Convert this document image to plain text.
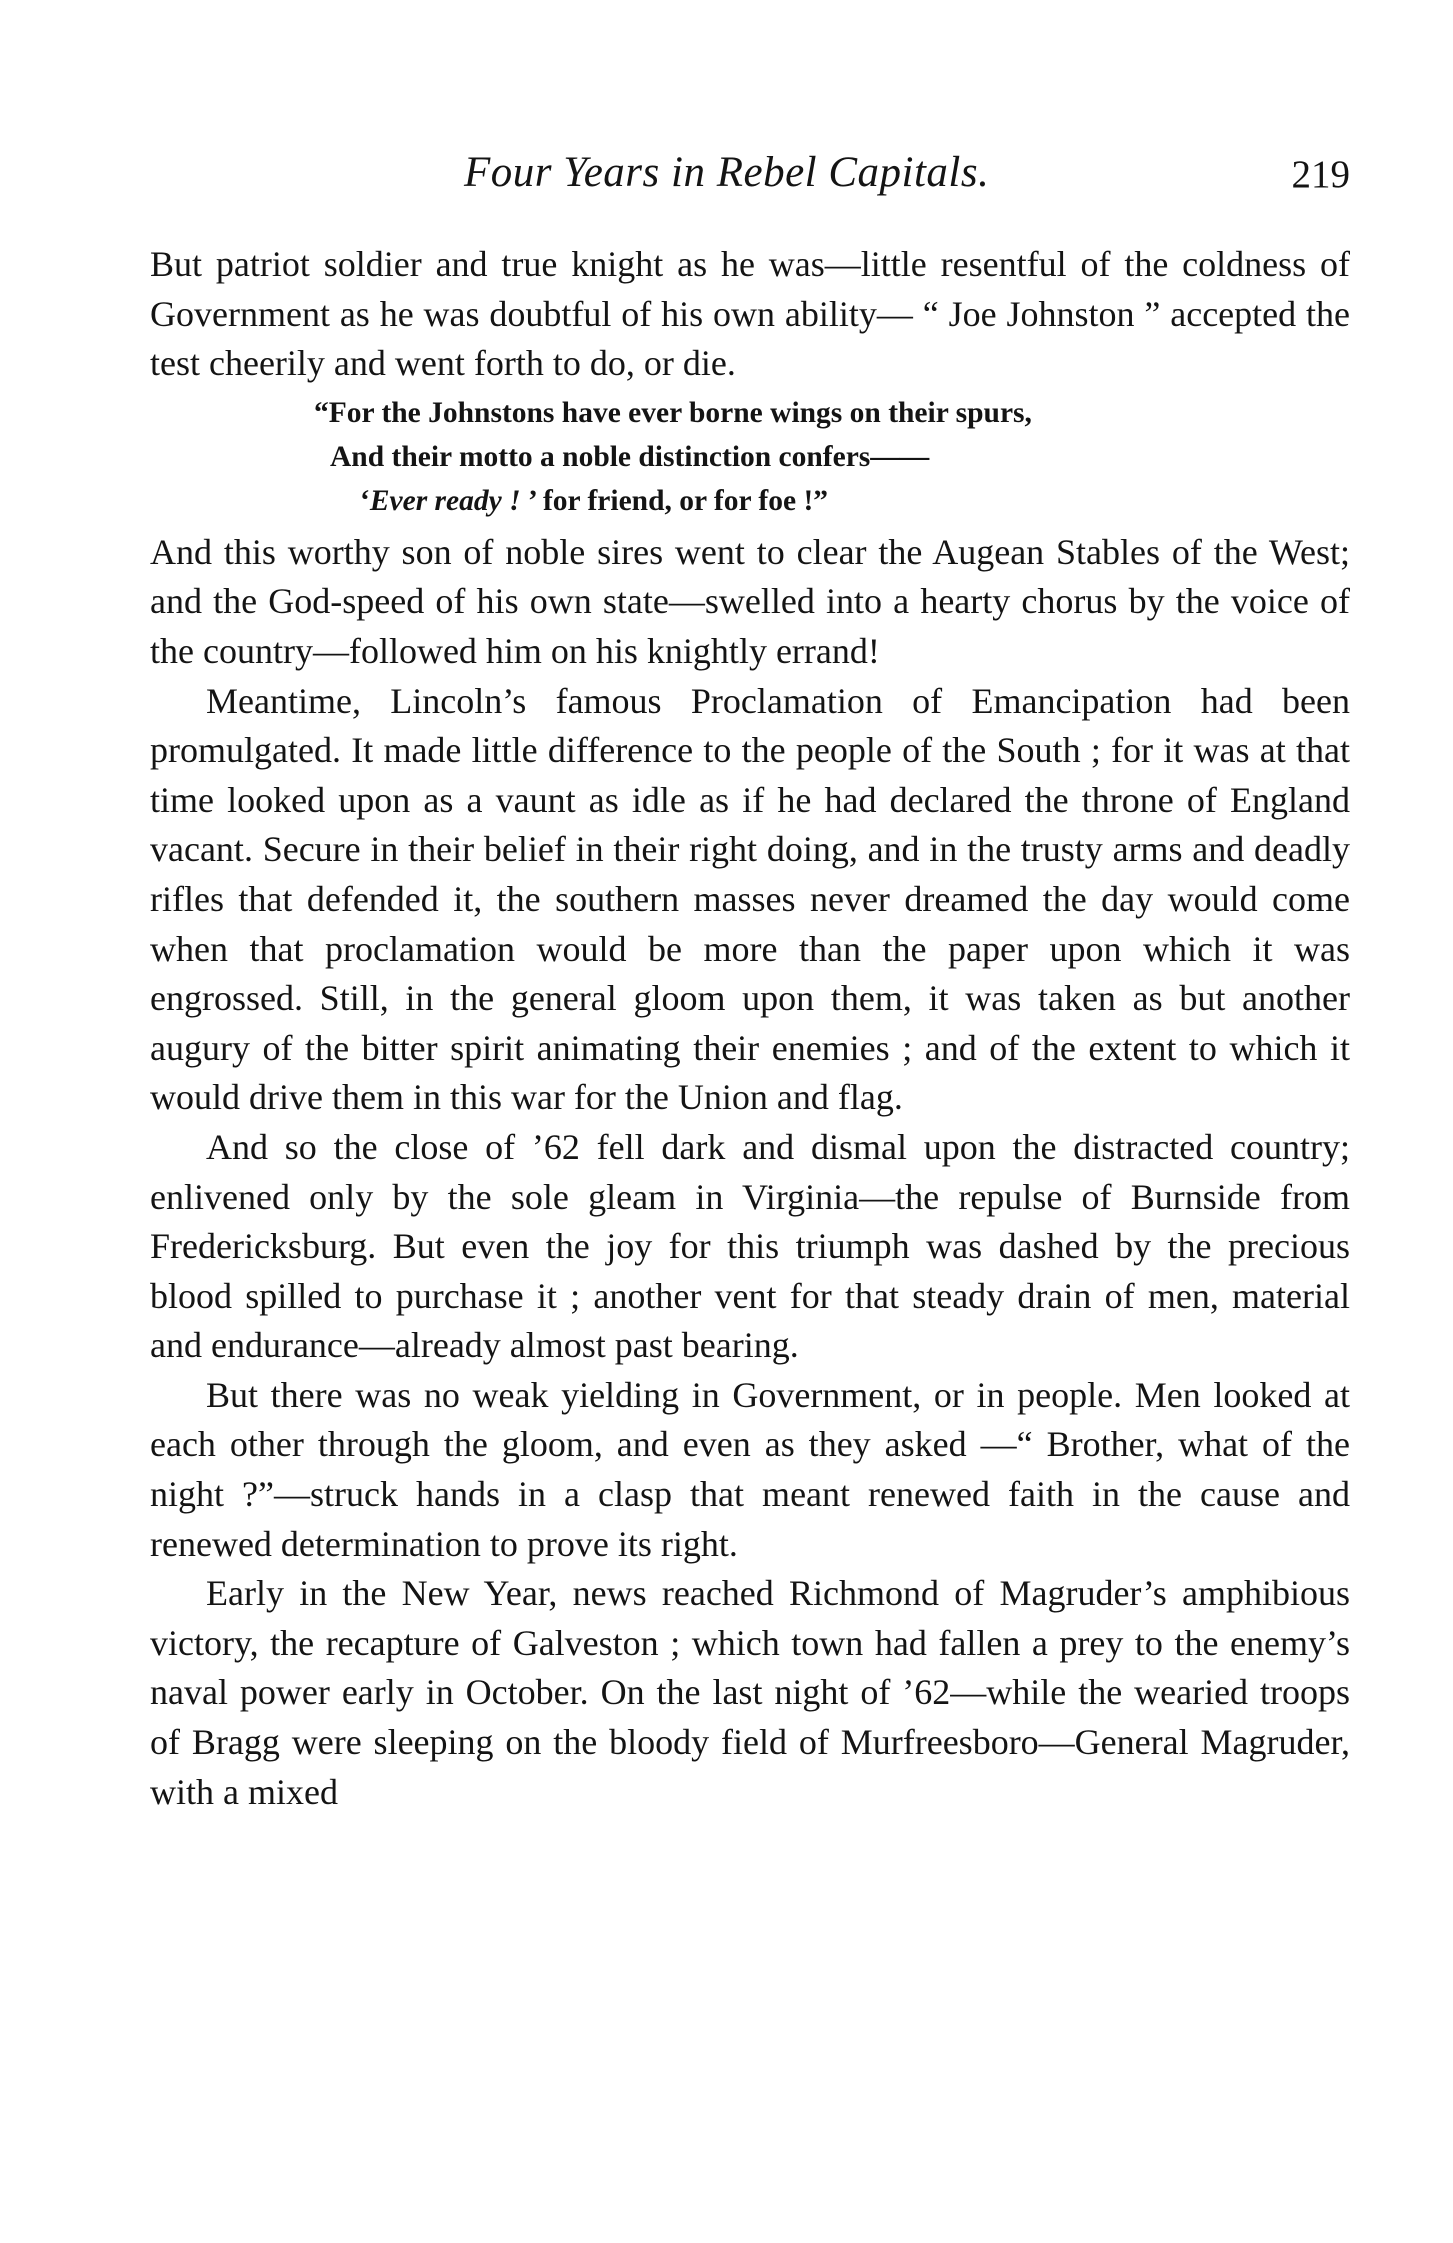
Four Years in Rebel Capitals.	219

But patriot soldier and true knight as he was—little resentful of the coldness of Government as he was doubtful of his own ability— “ Joe Johnston ” accepted the test cheerily and went forth to do, or die.

“For the Johnstons have ever borne wings on their spurs,
And their motto a noble distinction confers——
‘Ever ready ! ’ for friend, or for foe !”

And this worthy son of noble sires went to clear the Augean Stables of the West; and the God-speed of his own state—swelled into a hearty chorus by the voice of the country—followed him on his knightly errand!

Meantime, Lincoln’s famous Proclamation of Emancipation had been promulgated. It made little difference to the people of the South ; for it was at that time looked upon as a vaunt as idle as if he had declared the throne of England vacant. Secure in their belief in their right doing, and in the trusty arms and deadly rifles that defended it, the southern masses never dreamed the day would come when that proclamation would be more than the paper upon which it was engrossed. Still, in the general gloom upon them, it was taken as but another augury of the bitter spirit animating their enemies ; and of the extent to which it would drive them in this war for the Union and flag.

And so the close of ’62 fell dark and dismal upon the distracted country; enlivened only by the sole gleam in Virginia—the repulse of Burnside from Fredericksburg. But even the joy for this triumph was dashed by the precious blood spilled to purchase it ; another vent for that steady drain of men, material and endurance—already almost past bearing.

But there was no weak yielding in Government, or in people. Men looked at each other through the gloom, and even as they asked —“ Brother, what of the night ?”—struck hands in a clasp that meant renewed faith in the cause and renewed determination to prove its right.

Early in the New Year, news reached Richmond of Magruder’s amphibious victory, the recapture of Galveston ; which town had fallen a prey to the enemy’s naval power early in October. On the last night of ’62—while the wearied troops of Bragg were sleeping on the bloody field of Murfreesboro—General Magruder, with a mixed
